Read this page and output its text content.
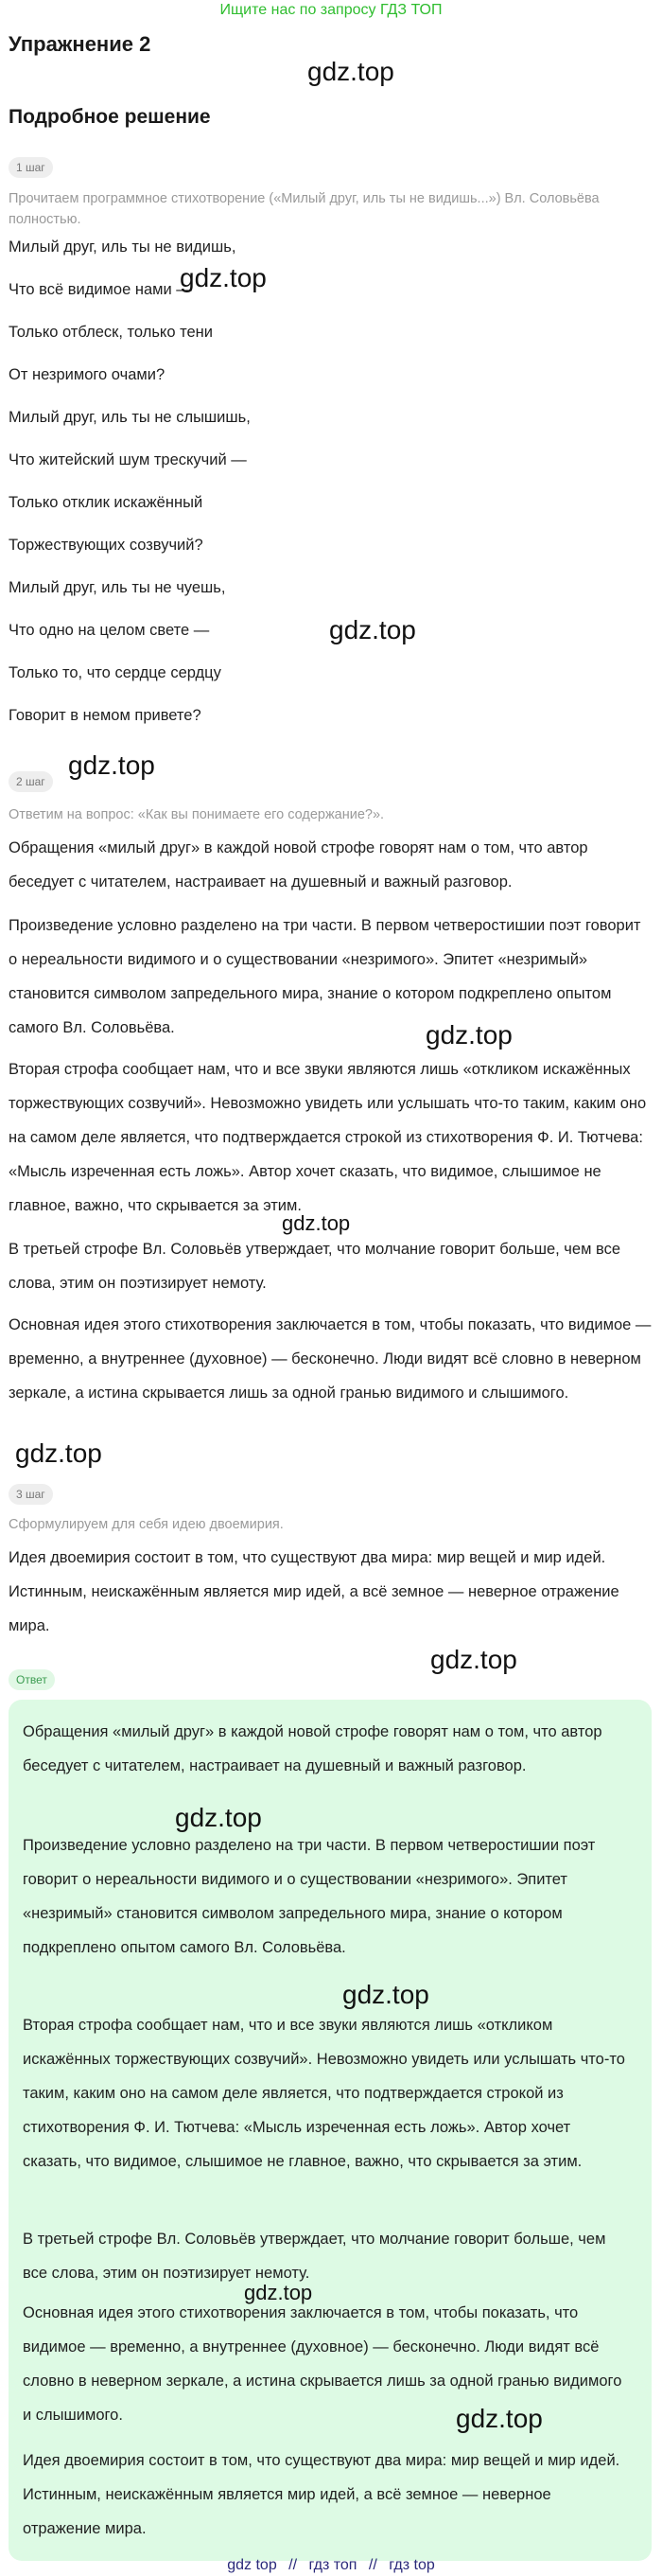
Ищите нас по запросу ГДЗ ТОП
Упражнение 2
gdz.top
Подробное решение
1 шаг

Прочитаем программное стихотворение («Милый друг, иль ты не видишь...») Вл. Соловьёва полностью.

Милый друг, иль ты не видишь,
Что всё видимое нами —
Только отблеск, только тени
От незримого очами?
Милый друг, иль ты не слышишь,
Что житейский шум трескучий —
Только отклик искажённый
Торжествующих созвучий?
Милый друг, иль ты не чуешь,
Что одно на целом свете —
Только то, что сердце сердцу
Говорит в немом привете?
gdz.top
gdz.top
gdz.top
2 шаг

Ответим на вопрос: «Как вы понимаете его содержание?».

Обращения «милый друг» в каждой новой строфе говорят нам о том, что автор беседует с читателем, настраивает на душевный и важный разговор.

Произведение условно разделено на три части. В первом четверостишии поэт говорит о нереальности видимого и о существовании «незримого». Эпитет «незримый» становится символом запредельного мира, знание о котором подкреплено опытом самого Вл. Соловьёва.	gdz.top

Вторая строфа сообщает нам, что и все звуки являются лишь «откликом искажённых торжествующих созвучий». Невозможно увидеть или услышать что-то таким, каким оно на самом деле является, что подтверждается строкой из стихотворения Ф. И. Тютчева: «Мысль изреченная есть ложь». Автор хочет сказать, что видимое, слышимое не главное, важно, что скрывается за этим.

gdz.top

В третьей строфе Вл. Соловьёв утверждает, что молчание говорит больше, чем все слова, этим он поэтизирует немоту.

Основная идея этого стихотворения заключается в том, чтобы показать, что видимое — временно, а внутреннее (духовное) — бесконечно. Люди видят всё словно в неверном зеркале, а истина скрывается лишь за одной гранью видимого и слышимого.

gdz.top
3 шаг

Сформулируем для себя идею двоемирия.

Идея двоемирия состоит в том, что существуют два мира: мир вещей и мир идей. Истинным, неискажённым является мир идей, а всё земное — неверное отражение мира.

gdz.top
Ответ

Обращения «милый друг» в каждой новой строфе говорят нам о том, что автор беседует с читателем, настраивает на душевный и важный разговор.

gdz.top

Произведение условно разделено на три части. В первом четверостишии поэт говорит о нереальности видимого и о существовании «незримого». Эпитет «незримый» становится символом запредельного мира, знание о котором подкреплено опытом самого Вл. Соловьёва.

gdz.top

Вторая строфа сообщает нам, что и все звуки являются лишь «откликом искажённых торжествующих созвучий». Невозможно увидеть или услышать что-то таким, каким оно на самом деле является, что подтверждается строкой из стихотворения Ф. И. Тютчева: «Мысль изреченная есть ложь». Автор хочет сказать, что видимое, слышимое не главное, важно, что скрывается за этим.

В третьей строфе Вл. Соловьёв утверждает, что молчание говорит больше, чем все слова, этим он поэтизирует немоту.

gdz.top

Основная идея этого стихотворения заключается в том, чтобы показать, что видимое — временно, а внутреннее (духовное) — бесконечно. Люди видят всё словно в неверном зеркале, а истина скрывается лишь за одной гранью видимого и слышимого.	gdz.top

Идея двоемирия состоит в том, что существуют два мира: мир вещей и мир идей. Истинным, неискажённым является мир идей, а всё земное — неверное отражение мира.

gdz top // гдз топ // гдз top
